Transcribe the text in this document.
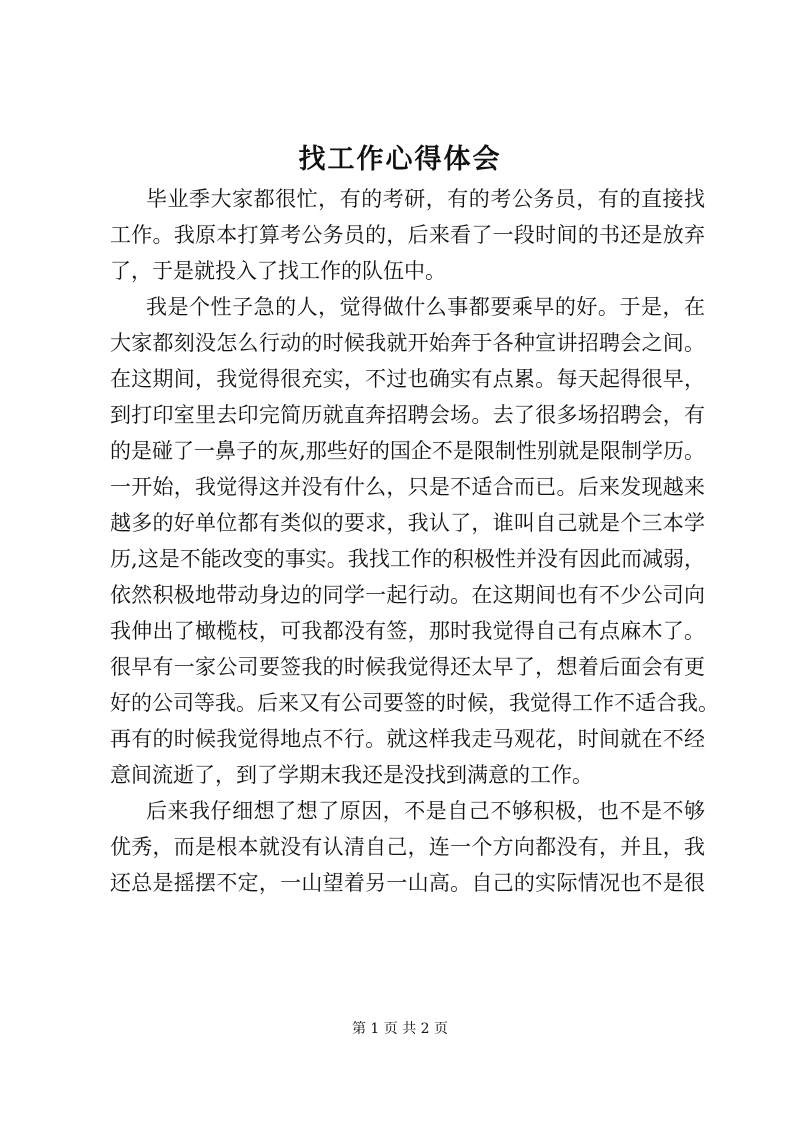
找工作心得体会
毕业季大家都很忙，有的考研，有的考公务员，有的直接找
工作。我原本打算考公务员的，后来看了一段时间的书还是放弃
了，于是就投入了找工作的队伍中。
我是个性子急的人，觉得做什么事都要乘早的好。于是，在
大家都刻没怎么行动的时候我就开始奔于各种宣讲招聘会之间。
在这期间，我觉得很充实，不过也确实有点累。每天起得很早，
到打印室里去印完简历就直奔招聘会场。去了很多场招聘会，有
的是碰了一鼻子的灰,那些好的国企不是限制性别就是限制学历。
一开始，我觉得这并没有什么，只是不适合而已。后来发现越来
越多的好单位都有类似的要求，我认了，谁叫自己就是个三本学
历,这是不能改变的事实。我找工作的积极性并没有因此而减弱，
依然积极地带动身边的同学一起行动。在这期间也有不少公司向
我伸出了橄榄枝，可我都没有签，那时我觉得自己有点麻木了。
很早有一家公司要签我的时候我觉得还太早了，想着后面会有更
好的公司等我。后来又有公司要签的时候，我觉得工作不适合我。
再有的时候我觉得地点不行。就这样我走马观花，时间就在不经
意间流逝了，到了学期末我还是没找到满意的工作。
后来我仔细想了想了原因，不是自己不够积极，也不是不够
优秀，而是根本就没有认清自己，连一个方向都没有，并且，我
还总是摇摆不定，一山望着另一山高。自己的实际情况也不是很
第 1 页 共 2 页
